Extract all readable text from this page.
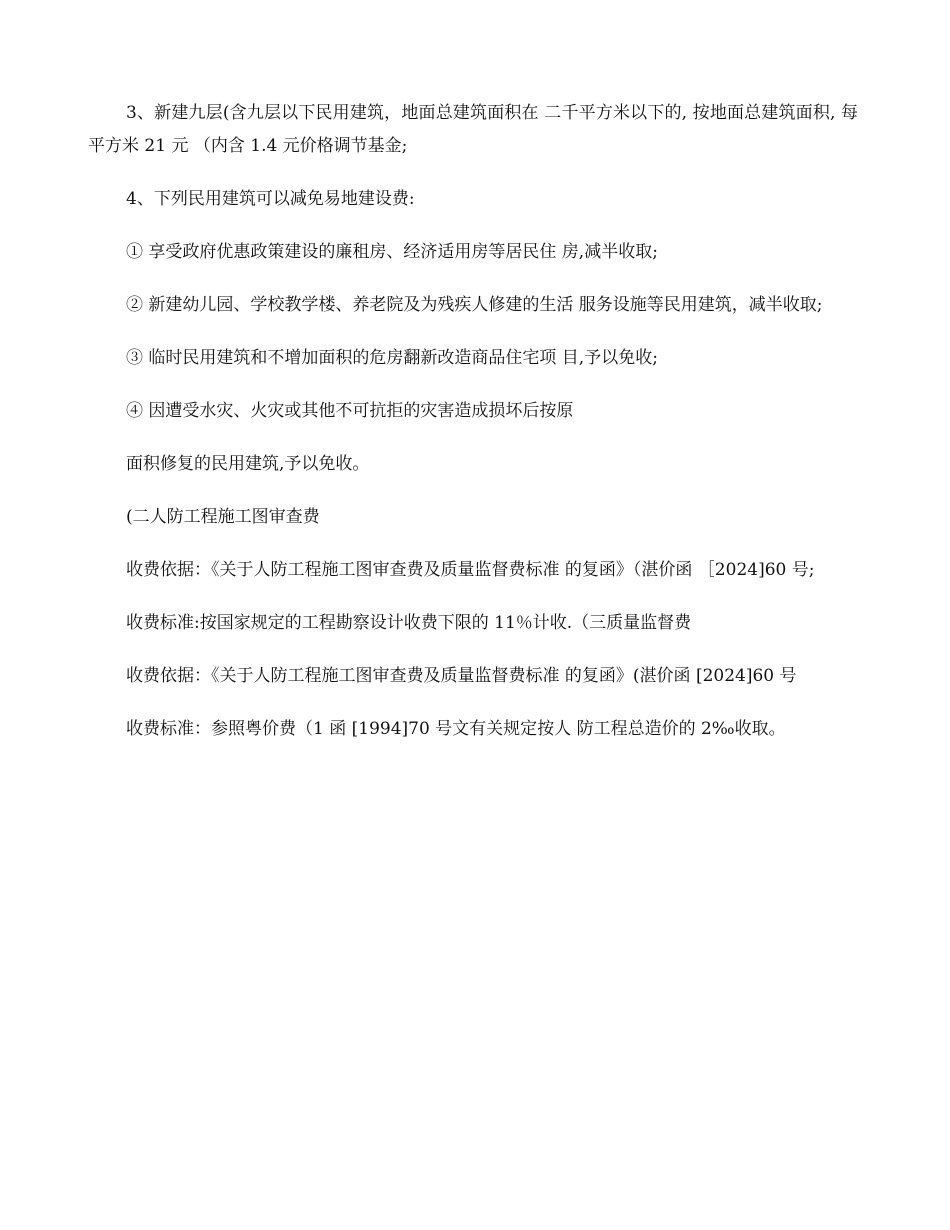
3、新建九层(含九层以下民用建筑，地面总建筑面积在 二千平方米以下的, 按地面总建筑面积, 每平方米 21 元 （内含 1.4 元价格调节基金;

4、下列民用建筑可以减免易地建设费:

① 享受政府优惠政策建设的廉租房、经济适用房等居民住 房,减半收取;

② 新建幼儿园、学校教学楼、养老院及为残疾人修建的生活 服务设施等民用建筑，减半收取;

③ 临时民用建筑和不增加面积的危房翻新改造商品住宅项 目,予以免收;

④ 因遭受水灾、火灾或其他不可抗拒的灾害造成损坏后按原

面积修复的民用建筑,予以免收。

(二人防工程施工图审查费

收费依据：《关于人防工程施工图审查费及质量监督费标准 的复函》（湛价函 ［2024]60 号;

收费标准:按国家规定的工程勘察设计收费下限的 11％计收.（三质量监督费

收费依据：《关于人防工程施工图审查费及质量监督费标准 的复函》(湛价函 [2024]60 号

收费标准：参照粤价费（1 函 [1994]70 号文有关规定按人 防工程总造价的 2‰收取。
